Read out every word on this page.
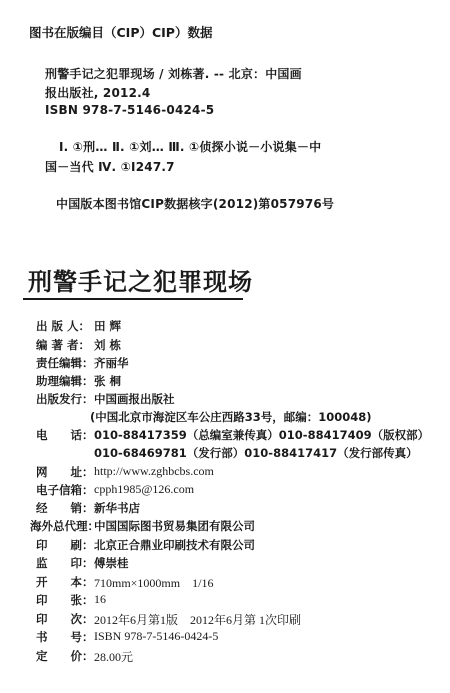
图书在版编目（CIP）CIP）数据
刑警手记之犯罪现场 / 刘栋著. -- 北京：中国画
报出版社, 2012.4
ISBN 978-7-5146-0424-5
Ⅰ. ①刑… Ⅱ. ①刘… Ⅲ. ①侦探小说－小说集－中
国－当代 Ⅳ. ①I247.7
中国版本图书馆CIP数据核字(2012)第057976号
刑警手记之犯罪现场
出 版 人： 田 辉
编 著 者： 刘 栋
责任编辑： 齐丽华
助理编辑： 张 桐
出版发行： 中国画报出版社
(中国北京市海淀区车公庄西路33号，邮编：100048)
电　　话： 010-88417359（总编室兼传真）010-88417409（版权部）
010-68469781（发行部）010-88417417（发行部传真）
网　　址： http://www.zghbcbs.com
电子信箱： cpph1985@126.com
经　　销： 新华书店
海外总代理：
中国国际图书贸易集团有限公司
印　　刷： 北京正合鼎业印刷技术有限公司
监　　印： 傅崇桂
开　　本： 710mm×1000mm　1/16
印　　张： 16
印　　次： 2012年6月第1版　2012年6月第 1次印刷
书　　号： ISBN 978-7-5146-0424-5
定　　价： 28.00元
